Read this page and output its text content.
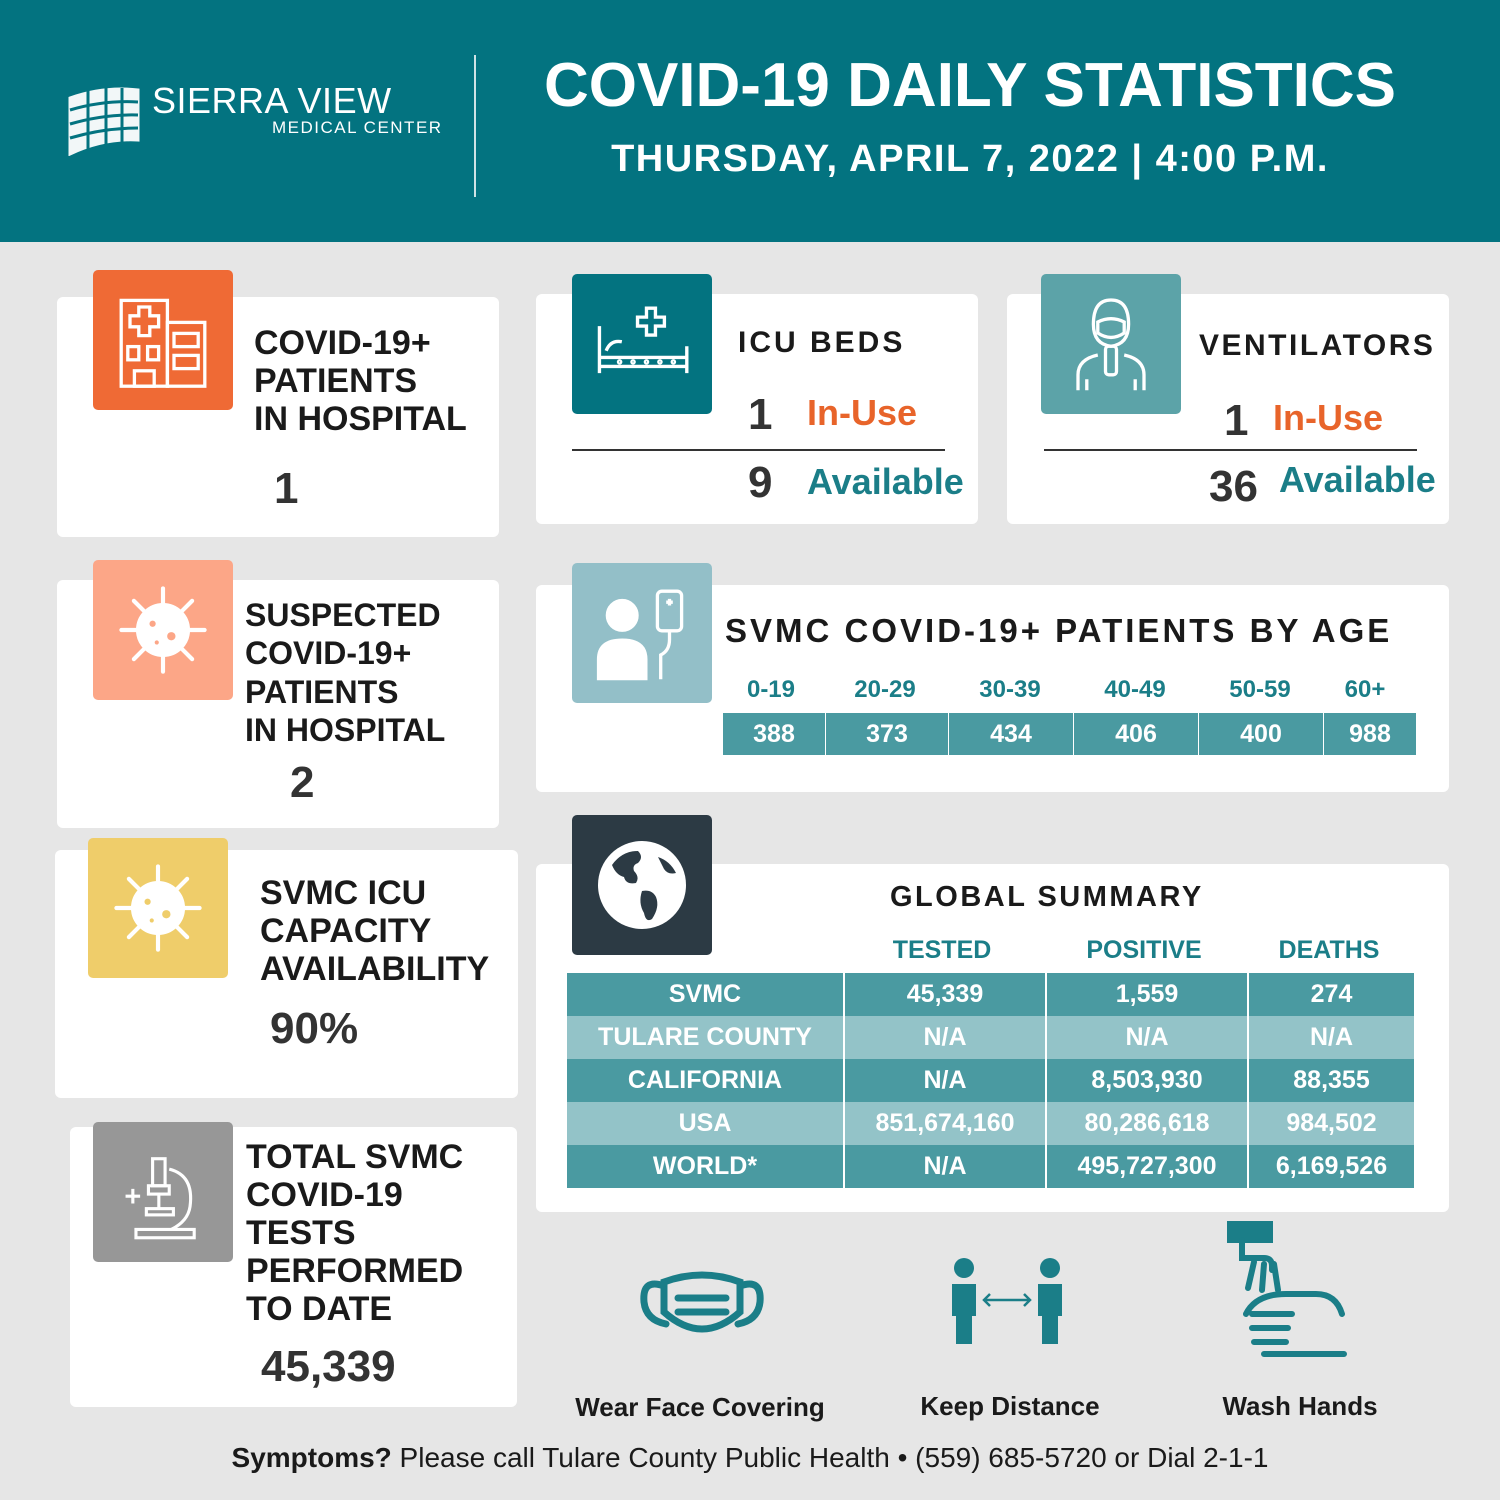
SIERRA VIEW
MEDICAL CENTER
COVID-19 DAILY STATISTICS
THURSDAY, APRIL 7, 2022 | 4:00 P.M.
COVID-19+
PATIENTS
IN HOSPITAL
1
ICU BEDS
1 In-Use
9 Available
VENTILATORS
1 In-Use
36 Available
SUSPECTED
COVID-19+
PATIENTS
IN HOSPITAL
2
SVMC COVID-19+ PATIENTS BY AGE
0-19	20-29	30-39	40-49	50-59	60+
388	373	434	406	400	988
SVMC ICU
CAPACITY
AVAILABILITY
90%
GLOBAL SUMMARY
TESTED	POSITIVE	DEATHS
SVMC	45,339	1,559	274
TULARE COUNTY	N/A	N/A	N/A
CALIFORNIA	N/A	8,503,930	88,355
USA	851,674,160	80,286,618	984,502
WORLD*	N/A	495,727,300	6,169,526
TOTAL SVMC
COVID-19
TESTS
PERFORMED
TO DATE
45,339
Wear Face Covering	Keep Distance	Wash Hands
Symptoms? Please call Tulare County Public Health • (559) 685-5720 or Dial 2-1-1
